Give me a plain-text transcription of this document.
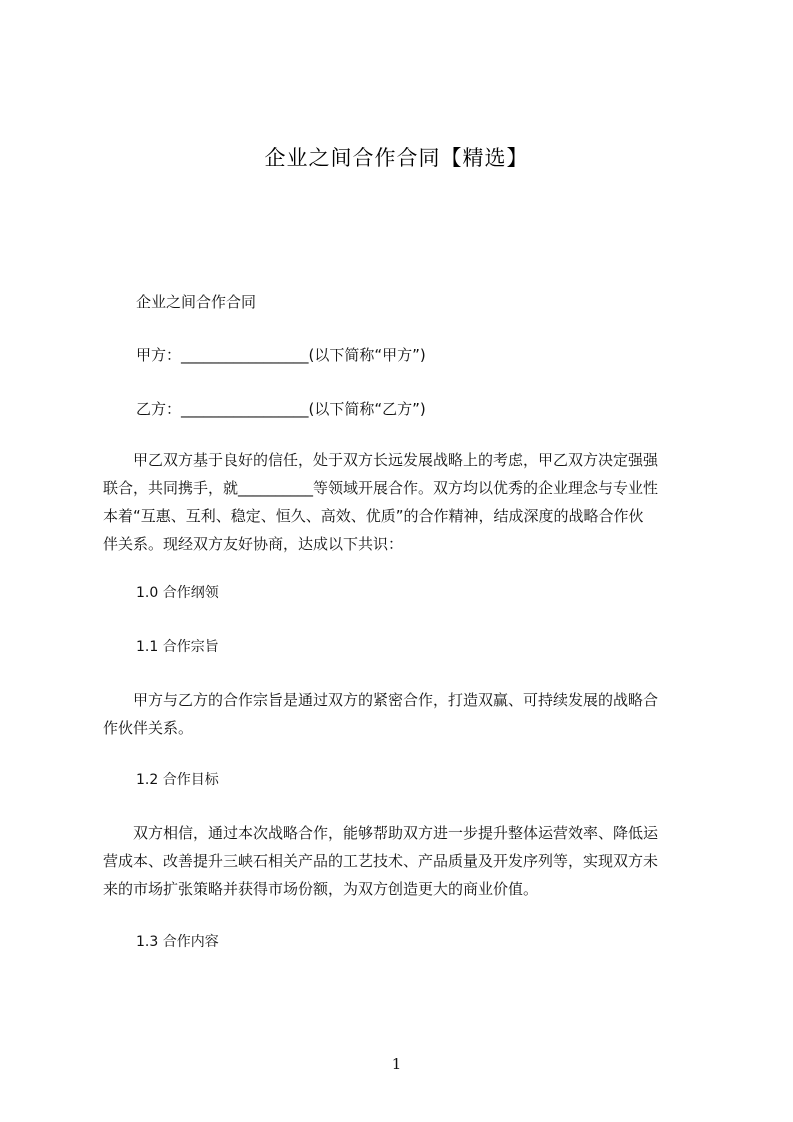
企业之间合作合同【精选】
企业之间合作合同
甲方：_________________(以下简称“甲方”)
乙方：_________________(以下简称“乙方”)
　　甲乙双方基于良好的信任，处于双方长远发展战略上的考虑，甲乙双方决定强强
联合，共同携手，就__________等领域开展合作。双方均以优秀的企业理念与专业性
本着“互惠、互利、稳定、恒久、高效、优质”的合作精神，结成深度的战略合作伙
伴关系。现经双方友好协商，达成以下共识：
1.0 合作纲领
1.1 合作宗旨
　　甲方与乙方的合作宗旨是通过双方的紧密合作，打造双赢、可持续发展的战略合
作伙伴关系。
1.2 合作目标
　　双方相信，通过本次战略合作，能够帮助双方进一步提升整体运营效率、降低运
营成本、改善提升三峡石相关产品的工艺技术、产品质量及开发序列等，实现双方未
来的市场扩张策略并获得市场份额，为双方创造更大的商业价值。
1.3 合作内容
1
